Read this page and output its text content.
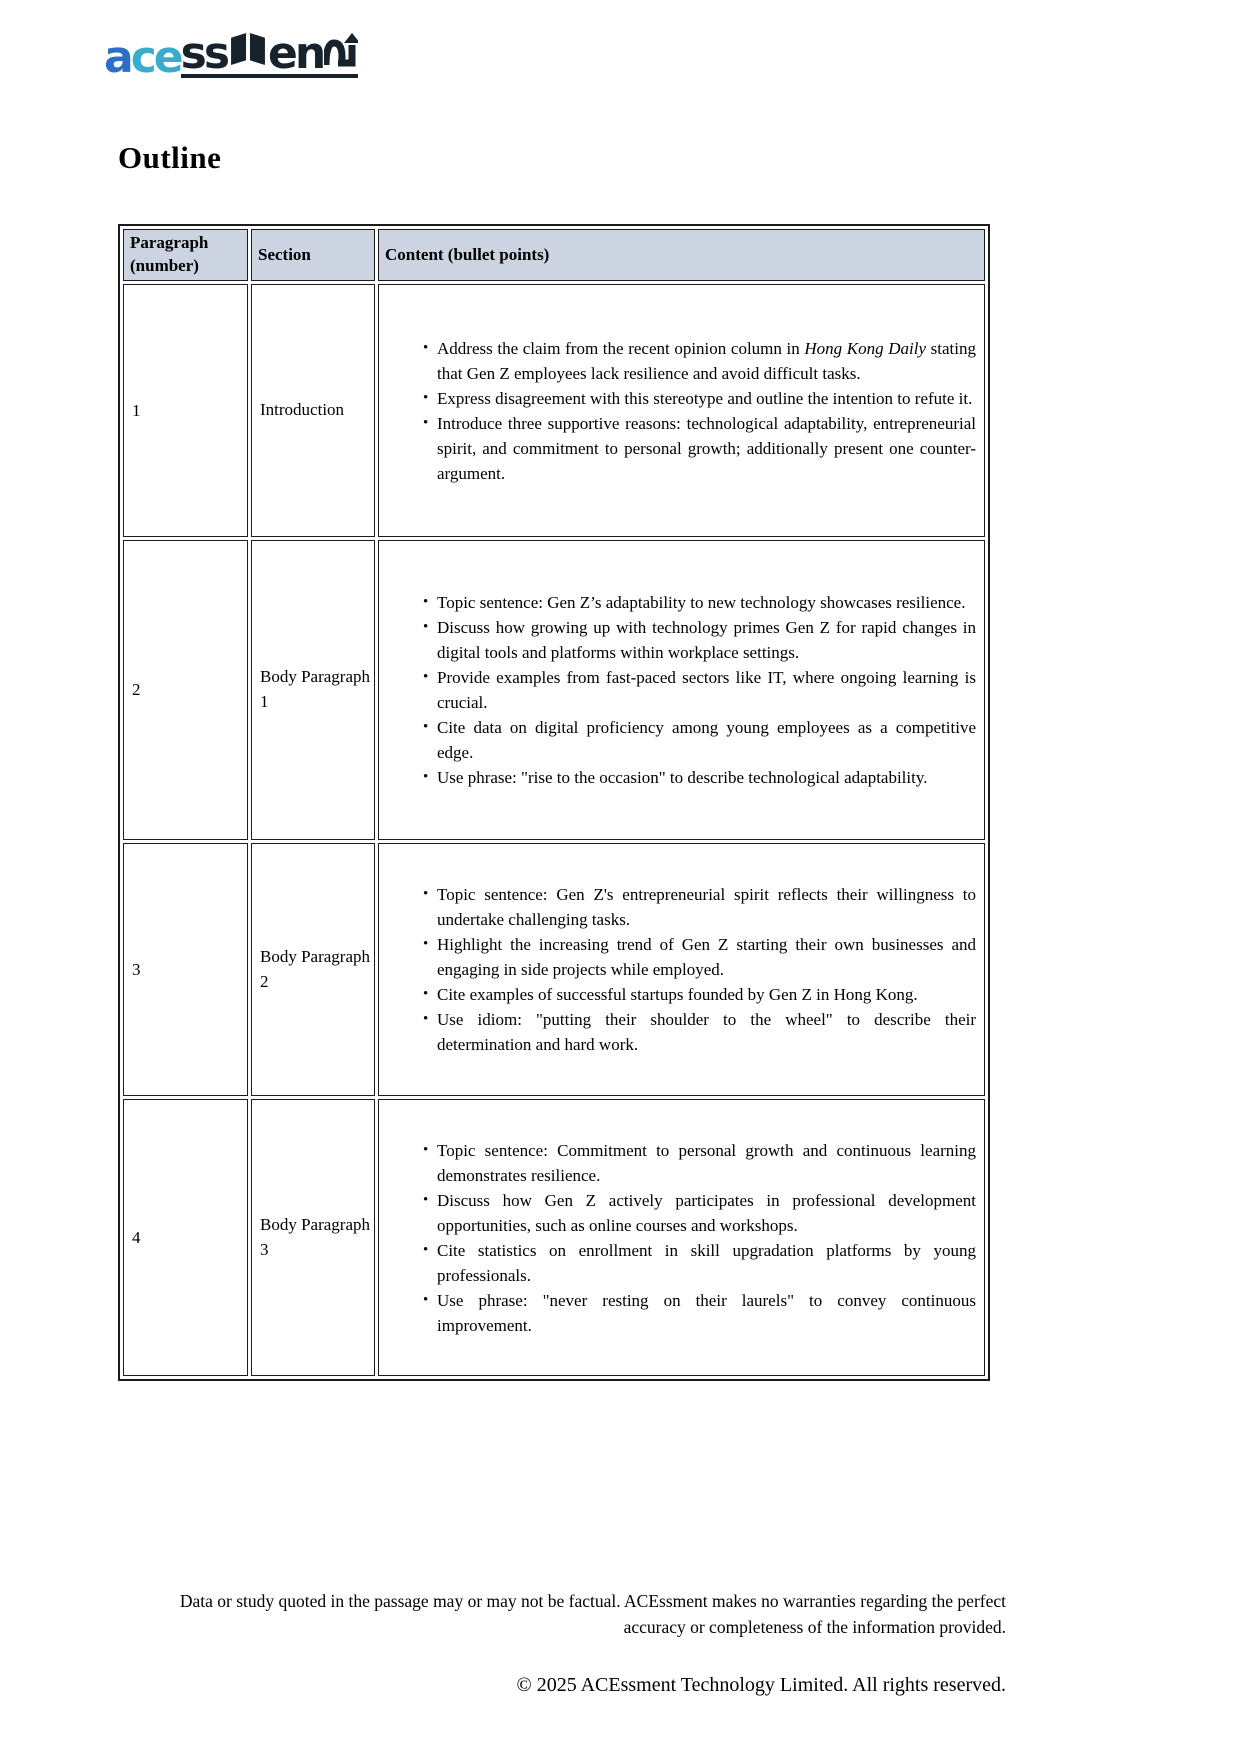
a ce ss en
Outline
Paragraph (number)	Section	Content (bullet points)
1	Introduction	
• Address the claim from the recent opinion column in Hong Kong Daily stating that Gen Z employees lack resilience and avoid difficult tasks.
• Express disagreement with this stereotype and outline the intention to refute it.
• Introduce three supportive reasons: technological adaptability, entrepreneurial spirit, and commitment to personal growth; additionally present one counter-argument.

2	Body Paragraph 1	
• Topic sentence: Gen Z’s adaptability to new technology showcases resilience.
• Discuss how growing up with technology primes Gen Z for rapid changes in digital tools and platforms within workplace settings.
• Provide examples from fast-paced sectors like IT, where ongoing learning is crucial.
• Cite data on digital proficiency among young employees as a competitive edge.
• Use phrase: "rise to the occasion" to describe technological adaptability.

3	Body Paragraph 2	
• Topic sentence: Gen Z's entrepreneurial spirit reflects their willingness to undertake challenging tasks.
• Highlight the increasing trend of Gen Z starting their own businesses and engaging in side projects while employed.
• Cite examples of successful startups founded by Gen Z in Hong Kong.
• Use idiom: "putting their shoulder to the wheel" to describe their determination and hard work.

4	Body Paragraph 3	
• Topic sentence: Commitment to personal growth and continuous learning demonstrates resilience.
• Discuss how Gen Z actively participates in professional development opportunities, such as online courses and workshops.
• Cite statistics on enrollment in skill upgradation platforms by young professionals.
• Use phrase: "never resting on their laurels" to convey continuous improvement.
Data or study quoted in the passage may or may not be factual. ACEssment makes no warranties regarding the perfect accuracy or completeness of the information provided.
© 2025 ACEssment Technology Limited. All rights reserved.
